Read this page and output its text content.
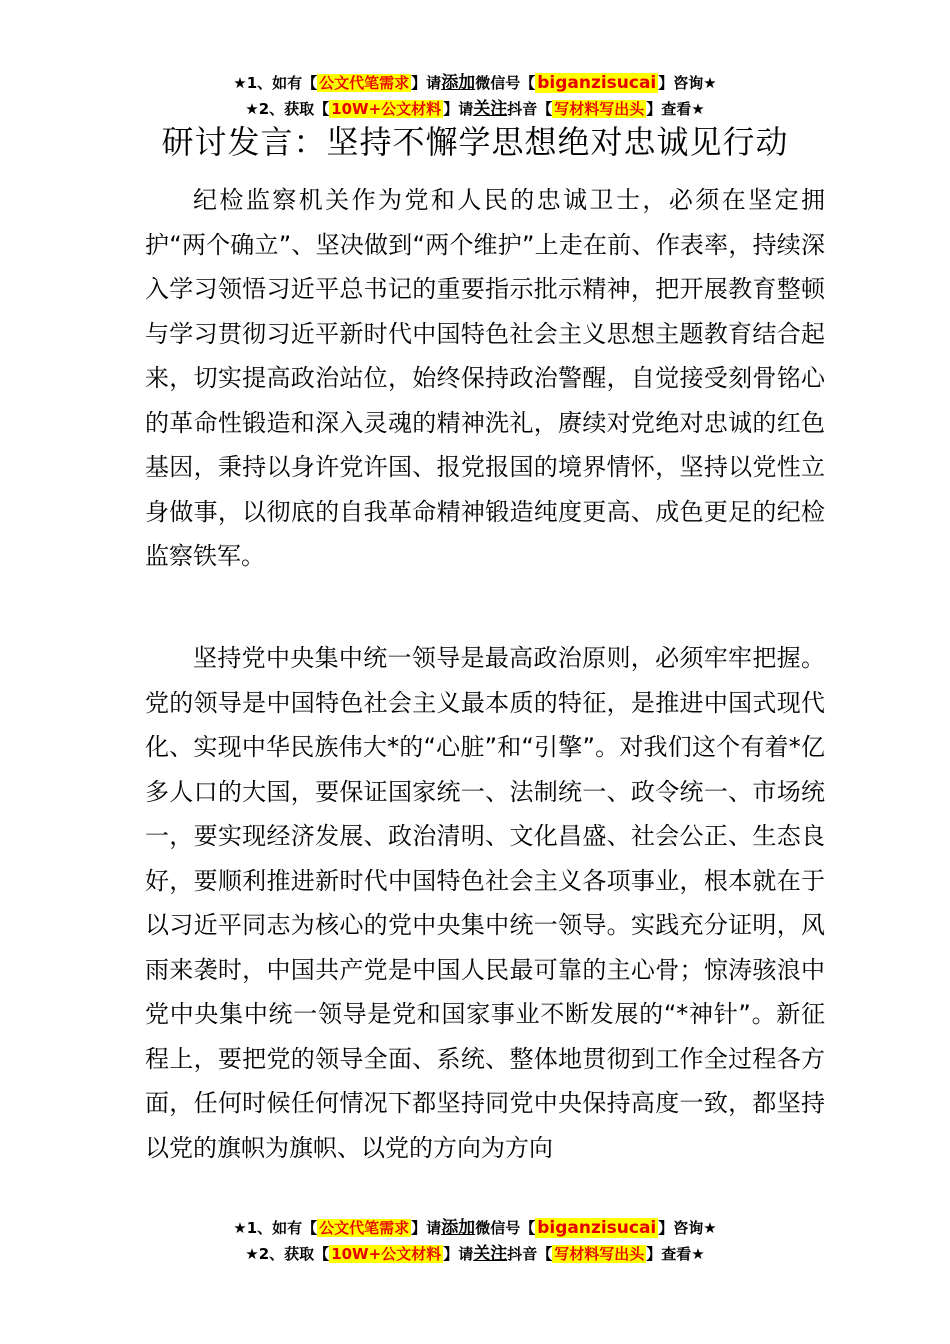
★1、如有【 公文代笔需求 】请添加微信号【 biganzisucai 】咨询★
★2、获取【 10W+公文材料 】请关注抖音【 写材料写出头 】查看★
研讨发言：坚持不懈学思想绝对忠诚见行动

纪检监察机关作为党和人民的忠诚卫士，必须在坚定拥护“两个确立”、坚决做到“两个维护”上走在前、作表率，持续深入学习领悟习近平总书记的重要指示批示精神，把开展教育整顿与学习贯彻习近平新时代中国特色社会主义思想主题教育结合起来，切实提高政治站位，始终保持政治警醒，自觉接受刻骨铭心的革命性锻造和深入灵魂的精神洗礼，赓续对党绝对忠诚的红色基因，秉持以身许党许国、报党报国的境界情怀，坚持以党性立身做事，以彻底的自我革命精神锻造纯度更高、成色更足的纪检监察铁军。

坚持党中央集中统一领导是最高政治原则，必须牢牢把握。党的领导是中国特色社会主义最本质的特征，是推进中国式现代化、实现中华民族伟大*的“心脏”和“引擎”。对我们这个有着*亿多人口的大国，要保证国家统一、法制统一、政令统一、市场统一，要实现经济发展、政治清明、文化昌盛、社会公正、生态良好，要顺利推进新时代中国特色社会主义各项事业，根本就在于以习近平同志为核心的党中央集中统一领导。实践充分证明，风雨来袭时，中国共产党是中国人民最可靠的主心骨；惊涛骇浪中党中央集中统一领导是党和国家事业不断发展的“*神针”。新征程上，要把党的领导全面、系统、整体地贯彻到工作全过程各方面，任何时候任何情况下都坚持同党中央保持高度一致，都坚持以党的旗帜为旗帜、以党的方向为方向

★1、如有【 公文代笔需求 】请添加微信号【 biganzisucai 】咨询★
★2、获取【 10W+公文材料 】请关注抖音【 写材料写出头 】查看★
